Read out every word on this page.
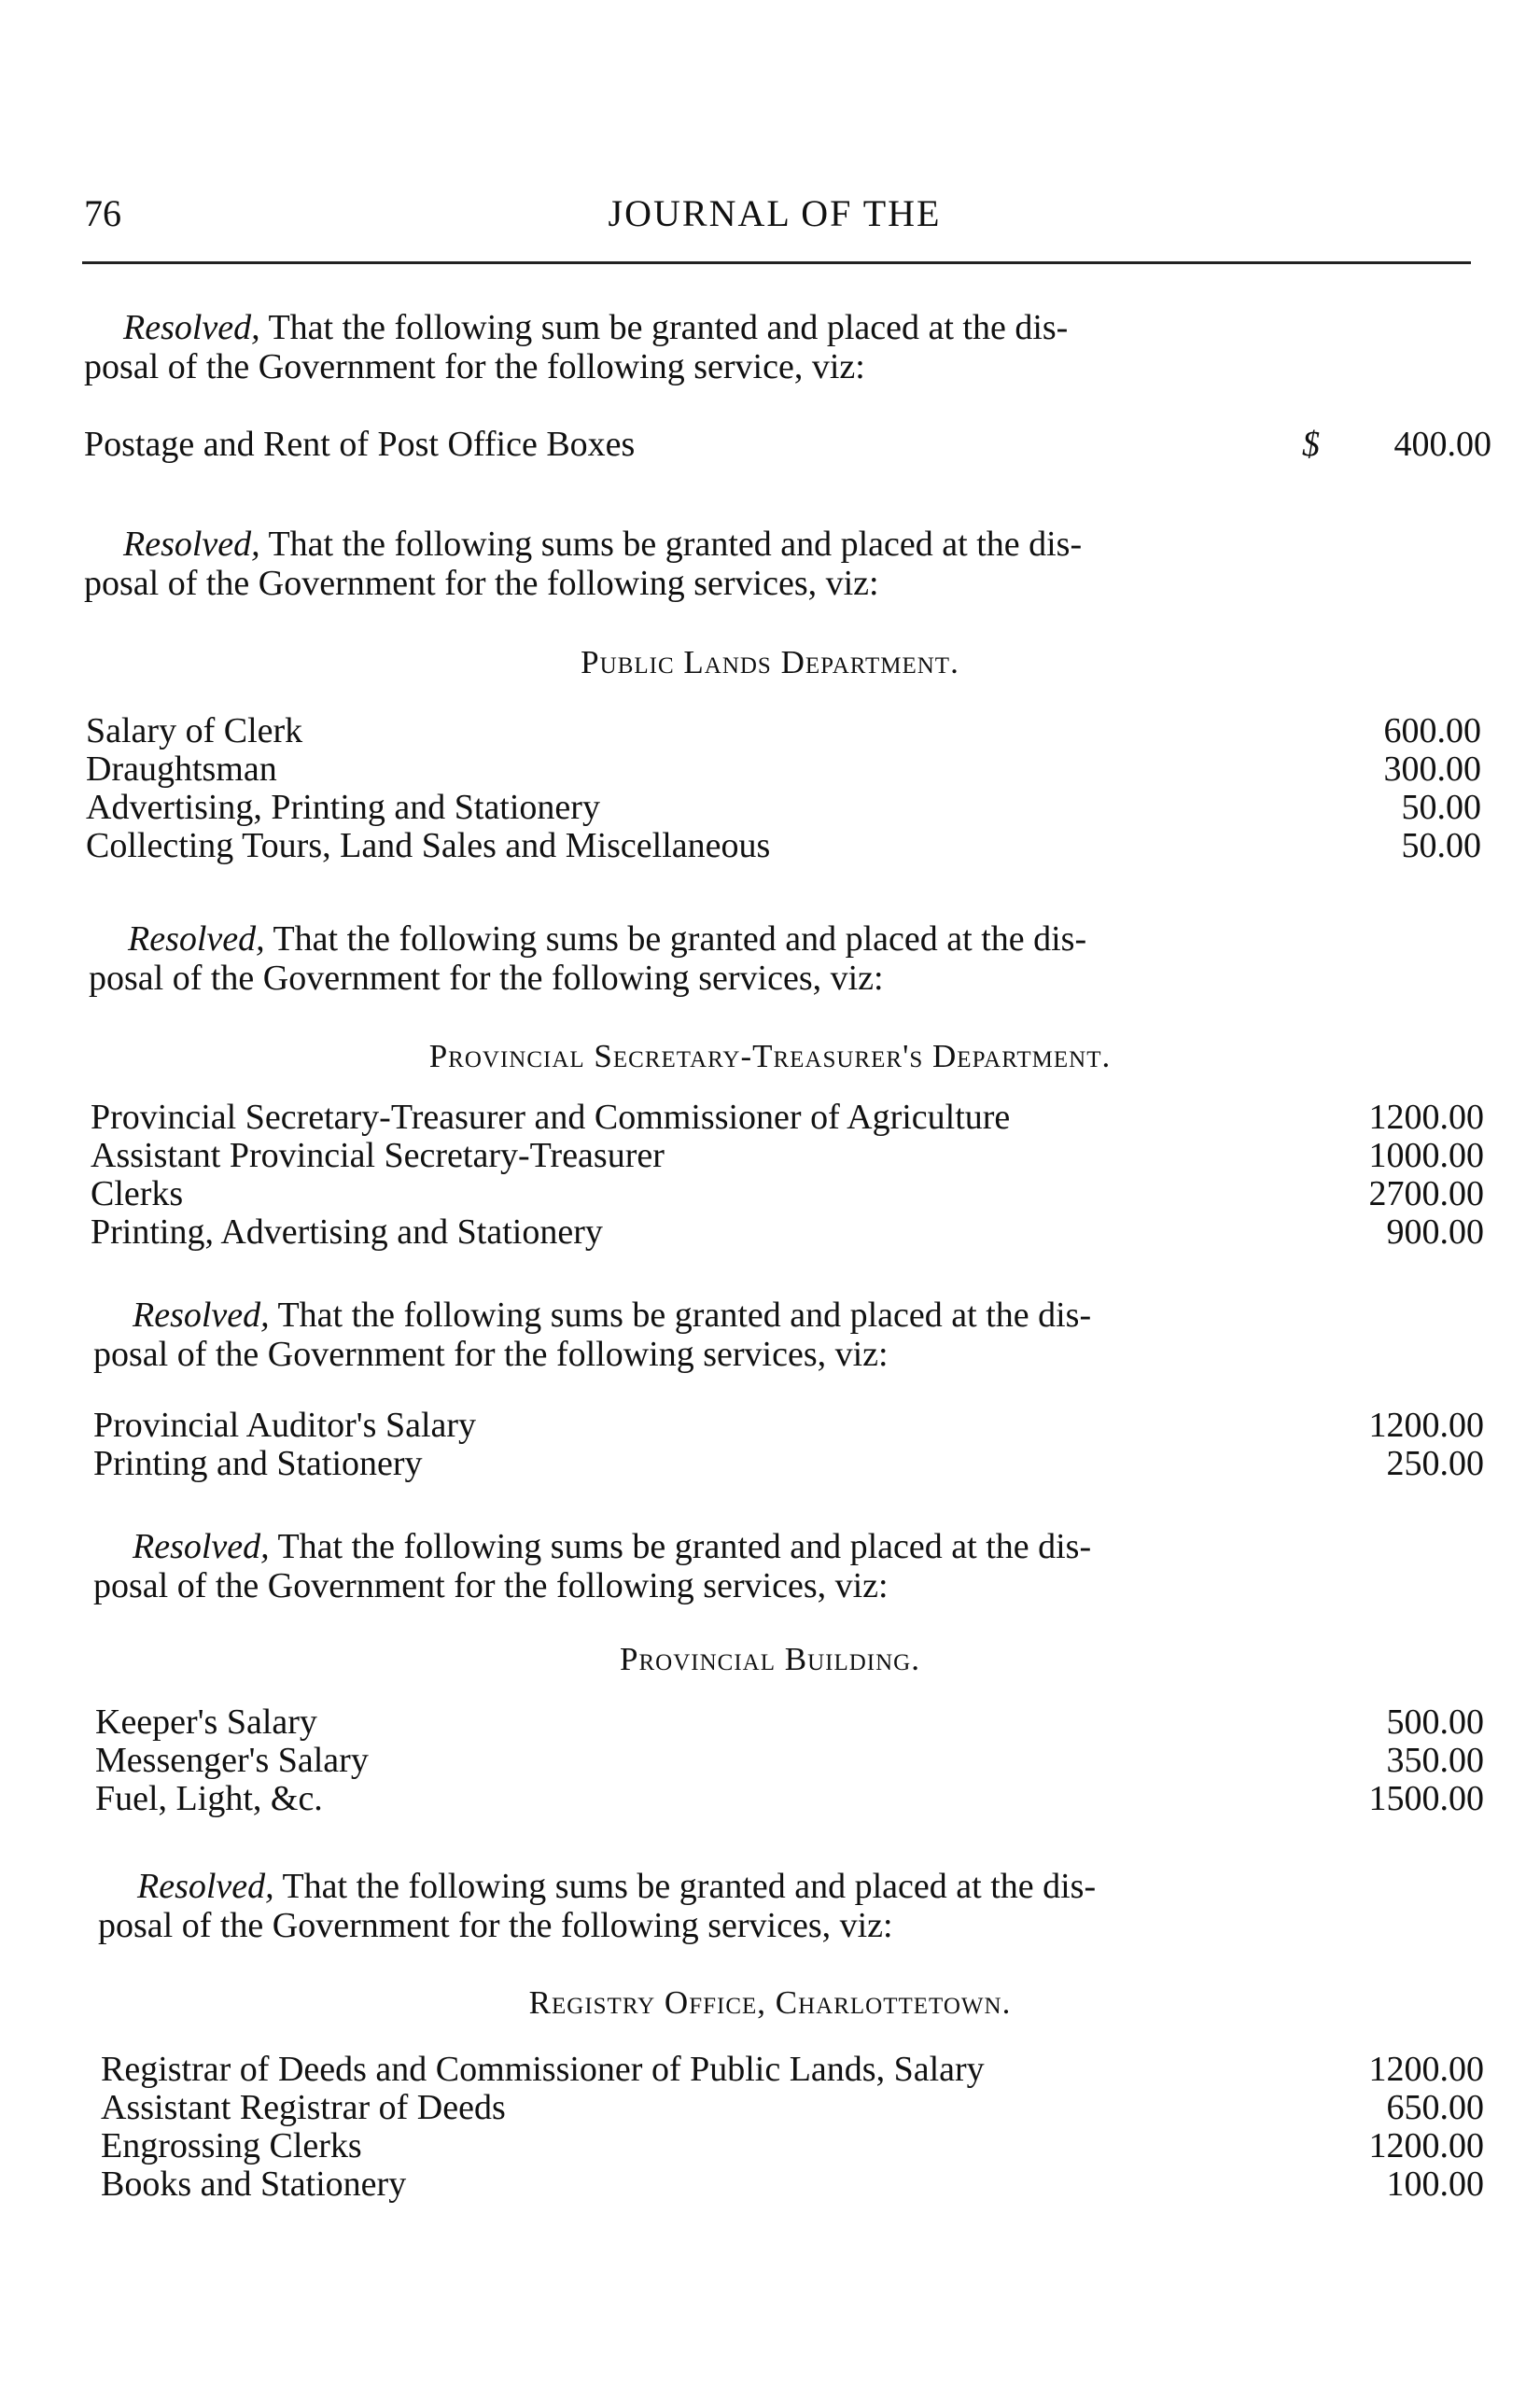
76	JOURNAL OF THE
Resolved, That the following sum be granted and placed at the dis-
posal of the Government for the following service, viz:
Postage and Rent of Post Office Boxes	$ 400.00
Resolved, That the following sums be granted and placed at the dis-
posal of the Government for the following services, viz:
Public Lands Department.
Salary of Clerk	600.00
Draughtsman	300.00
Advertising, Printing and Stationery	50.00
Collecting Tours, Land Sales and Miscellaneous	50.00
Resolved, That the following sums be granted and placed at the dis-
posal of the Government for the following services, viz:
Provincial Secretary-Treasurer's Department.
Provincial Secretary-Treasurer and Commissioner of Agriculture	1200.00
Assistant Provincial Secretary-Treasurer	1000.00
Clerks	2700.00
Printing, Advertising and Stationery	900.00
Resolved, That the following sums be granted and placed at the dis-
posal of the Government for the following services, viz:
Provincial Auditor's Salary	1200.00
Printing and Stationery	250.00
Resolved, That the following sums be granted and placed at the dis-
posal of the Government for the following services, viz:
Provincial Building.
Keeper's Salary	500.00
Messenger's Salary	350.00
Fuel, Light, &c.	1500.00
Resolved, That the following sums be granted and placed at the dis-
posal of the Government for the following services, viz:
Registry Office, Charlottetown.
Registrar of Deeds and Commissioner of Public Lands, Salary	1200.00
Assistant Registrar of Deeds	650.00
Engrossing Clerks	1200.00
Books and Stationery	100.00
